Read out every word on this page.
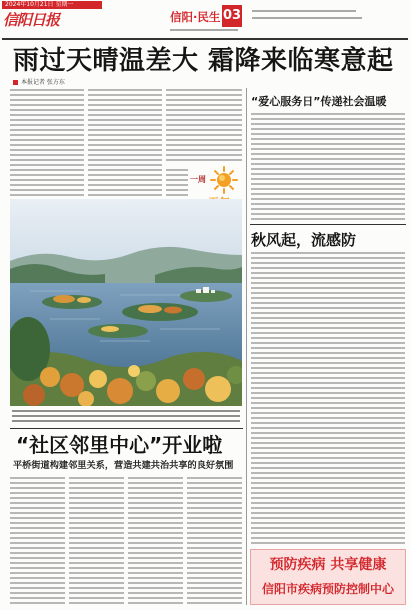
2024年10月21日 星期一
信阳日报	信阳·民生 03
雨过天晴温差大 霜降来临寒意起
本报记者 张方东
一周
“社区邻里中心”开业啦
平桥街道构建邻里关系，营造共建共治共享的良好氛围
“爱心服务日”传递社会温暖
秋风起，流感防
预防疾病 共享健康
信阳市疾病预防控制中心
